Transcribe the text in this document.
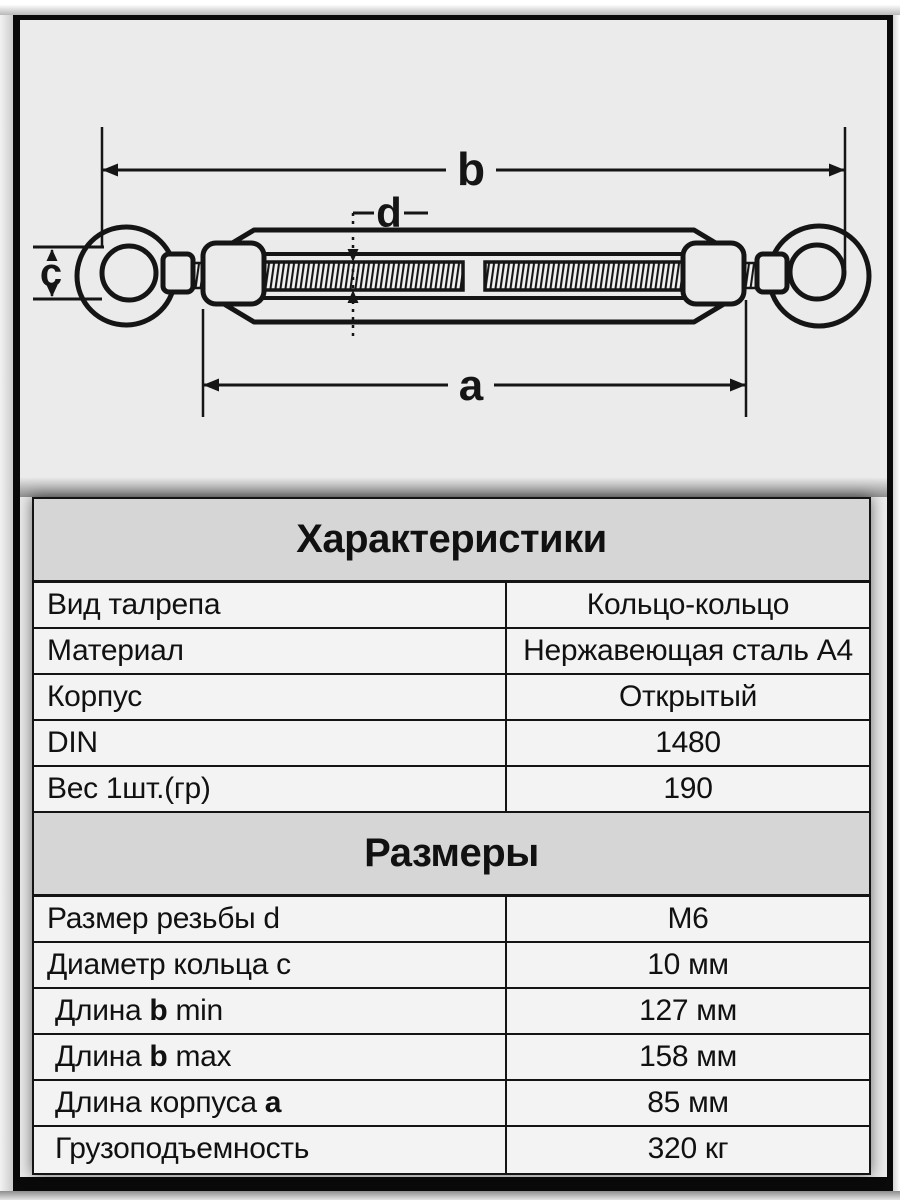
b
a
c
d
Характеристики
Вид талрепа	Кольцо-кольцо
Материал	Нержавеющая сталь А4
Корпус	Открытый
DIN	1480
Вес 1шт.(гр)	190
Размеры
Размер резьбы d	М6
Диаметр кольца c	10 мм
Длина b min	127 мм
Длина b max	158 мм
Длина корпуса a	85 мм
Грузоподъемность	320 кг
